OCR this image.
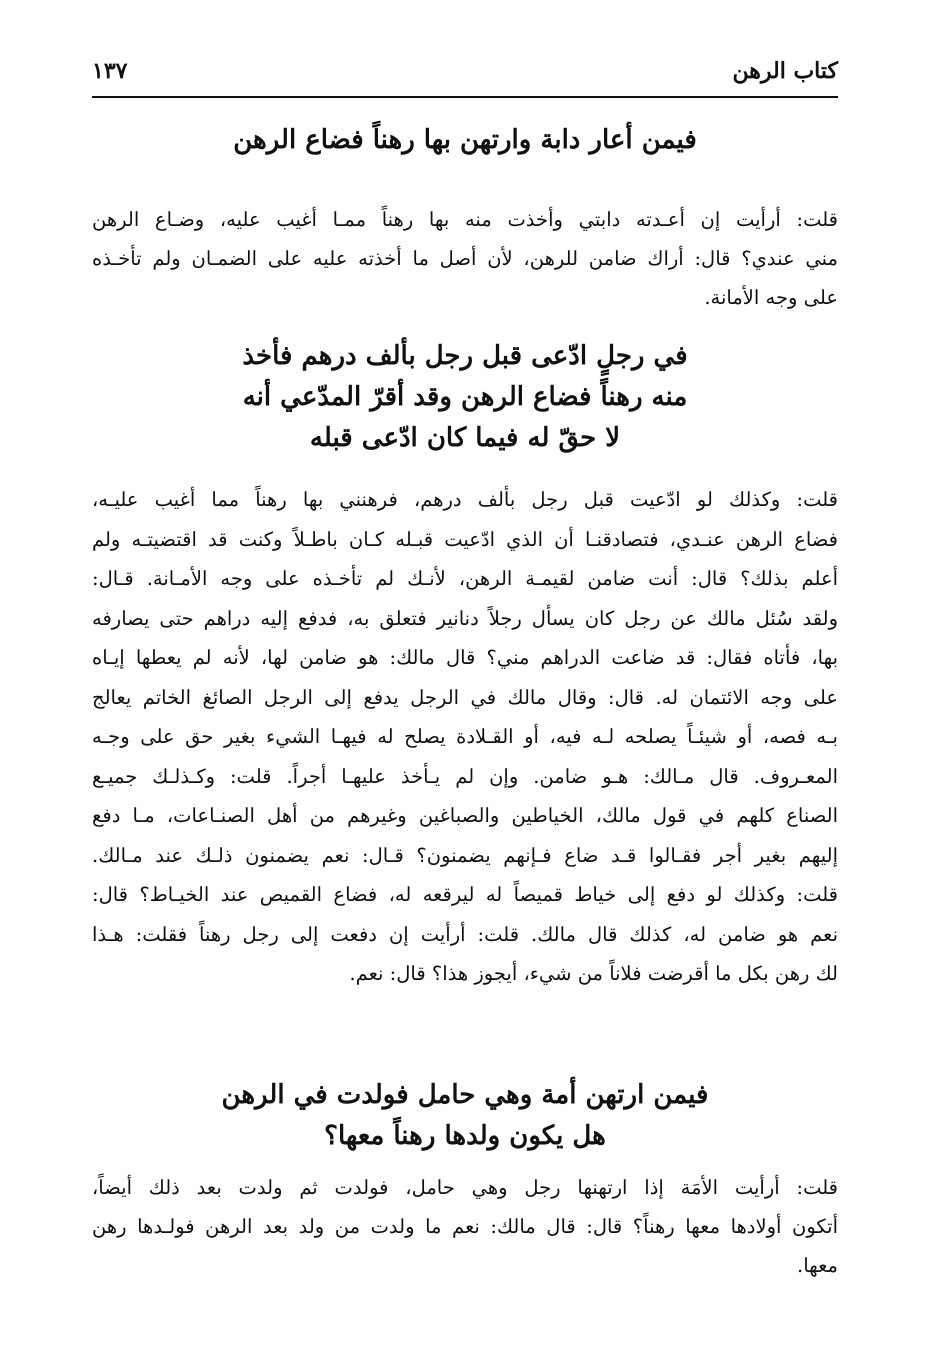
كتاب الرهن
١٣٧
فيمن أعار دابة وارتهن بها رهناً فضاع الرهن
قلت: أرأيت إن أعـدته دابتي وأخذت منه بها رهناً ممـا أغيب عليه، وضـاع الرهن
مني عندي؟ قال: أراك ضامن للرهن، لأن أصل ما أخذته عليه على الضمـان ولم تأخـذه
على وجه الأمانة.
في رجلٍ ادّعى قبل رجل بألف درهم فأخذ
منه رهناً فضاع الرهن وقد أقرّ المدّعي أنه
لا حقّ له فيما كان ادّعى قبله
قلت: وكذلك لو ادّعيت قبل رجل بألف درهم، فرهنني بها رهناً مما أغيب عليـه،
فضاع الرهن عنـدي، فتصادقنـا أن الذي ادّعيت قبـله كـان باطـلاً وكنت قد اقتضيتـه ولم
أعلم بذلك؟ قال: أنت ضامن لقيمـة الرهن، لأنـك لم تأخـذه على وجه الأمـانة. قـال:
ولقد سُئل مالك عن رجل كان يسأل رجلاً دنانير فتعلق به، فدفع إليه دراهم حتى يصارفه
بها، فأتاه فقال: قد ضاعت الدراهم مني؟ قال مالك: هو ضامن لها، لأنه لم يعطها إيـاه
على وجه الائتمان له. قال: وقال مالك في الرجل يدفع إلى الرجل الصائغ الخاتم يعالج
بـه فصه، أو شيئـاً يصلحه لـه فيه، أو القـلادة يصلح له فيهـا الشيء بغير حق على وجـه
المعـروف. قال مـالك: هـو ضامن. وإن لم يـأخذ عليهـا أجراً. قلت: وكـذلـك جميـع
الصناع كلهم في قول مالك، الخياطين والصباغين وغيرهم من أهل الصنـاعات، مـا دفع
إليهم بغير أجر فقـالوا قـد ضاع فـإنهم يضمنون؟ قـال: نعم يضمنون ذلـك عند مـالك.
قلت: وكذلك لو دفع إلى خياط قميصاً له ليرقعه له، فضاع القميص عند الخيـاط؟ قال:
نعم هو ضامن له، كذلك قال مالك. قلت: أرأيت إن دفعت إلى رجل رهناً فقلت: هـذا
لك رهن بكل ما أقرضت فلاناً من شيء، أيجوز هذا؟ قال: نعم.
فيمن ارتهن أمة وهي حامل فولدت في الرهن
هل يكون ولدها رهناً معها؟
قلت: أرأيت الأمَة إذا ارتهنها رجل وهي حامل، فولدت ثم ولدت بعد ذلك أيضاً،
أتكون أولادها معها رهناً؟ قال: قال مالك: نعم ما ولدت من ولد بعد الرهن فولـدها رهن
معها.
